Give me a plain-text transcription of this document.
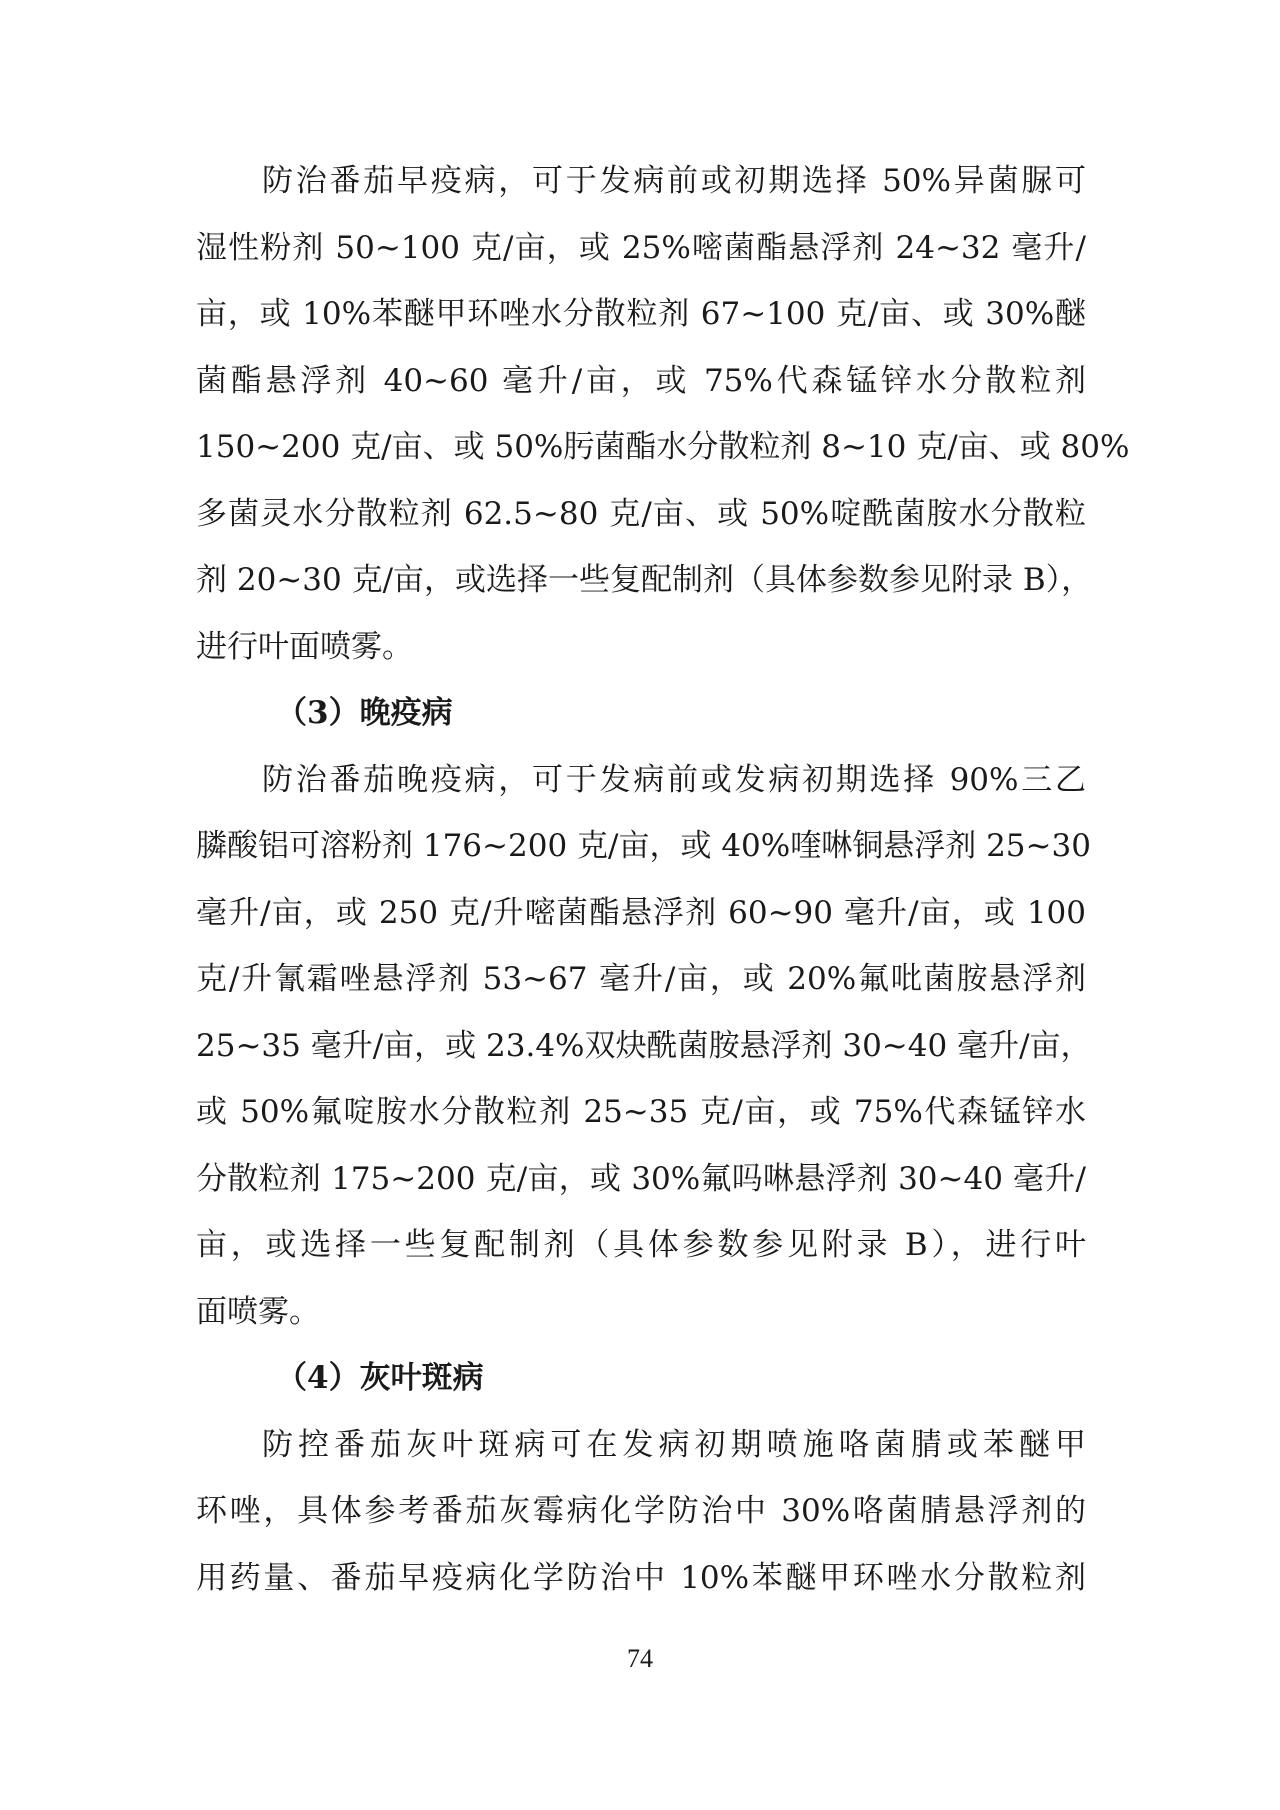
防治番茄早疫病，可于发病前或初期选择 50%异菌脲可
湿性粉剂 50~100 克/亩，或 25%嘧菌酯悬浮剂 24~32 毫升/
亩，或 10%苯醚甲环唑水分散粒剂 67~100 克/亩、或 30%醚
菌酯悬浮剂 40~60 毫升/亩，或 75%代森锰锌水分散粒剂
150~200 克/亩、或 50%肟菌酯水分散粒剂 8~10 克/亩、或 80%
多菌灵水分散粒剂 62.5~80 克/亩、或 50%啶酰菌胺水分散粒
剂 20~30 克/亩，或选择一些复配制剂（具体参数参见附录 B），
进行叶面喷雾。
（3）晚疫病
防治番茄晚疫病，可于发病前或发病初期选择 90%三乙
膦酸铝可溶粉剂 176~200 克/亩，或 40%喹啉铜悬浮剂 25~30
毫升/亩，或 250 克/升嘧菌酯悬浮剂 60~90 毫升/亩，或 100
克/升氰霜唑悬浮剂 53~67 毫升/亩，或 20%氟吡菌胺悬浮剂
25~35 毫升/亩，或 23.4%双炔酰菌胺悬浮剂 30~40 毫升/亩，
或 50%氟啶胺水分散粒剂 25~35 克/亩，或 75%代森锰锌水
分散粒剂 175~200 克/亩，或 30%氟吗啉悬浮剂 30~40 毫升/
亩，或选择一些复配制剂（具体参数参见附录 B），进行叶
面喷雾。
（4）灰叶斑病
防控番茄灰叶斑病可在发病初期喷施咯菌腈或苯醚甲
环唑，具体参考番茄灰霉病化学防治中 30%咯菌腈悬浮剂的
用药量、番茄早疫病化学防治中 10%苯醚甲环唑水分散粒剂
74
